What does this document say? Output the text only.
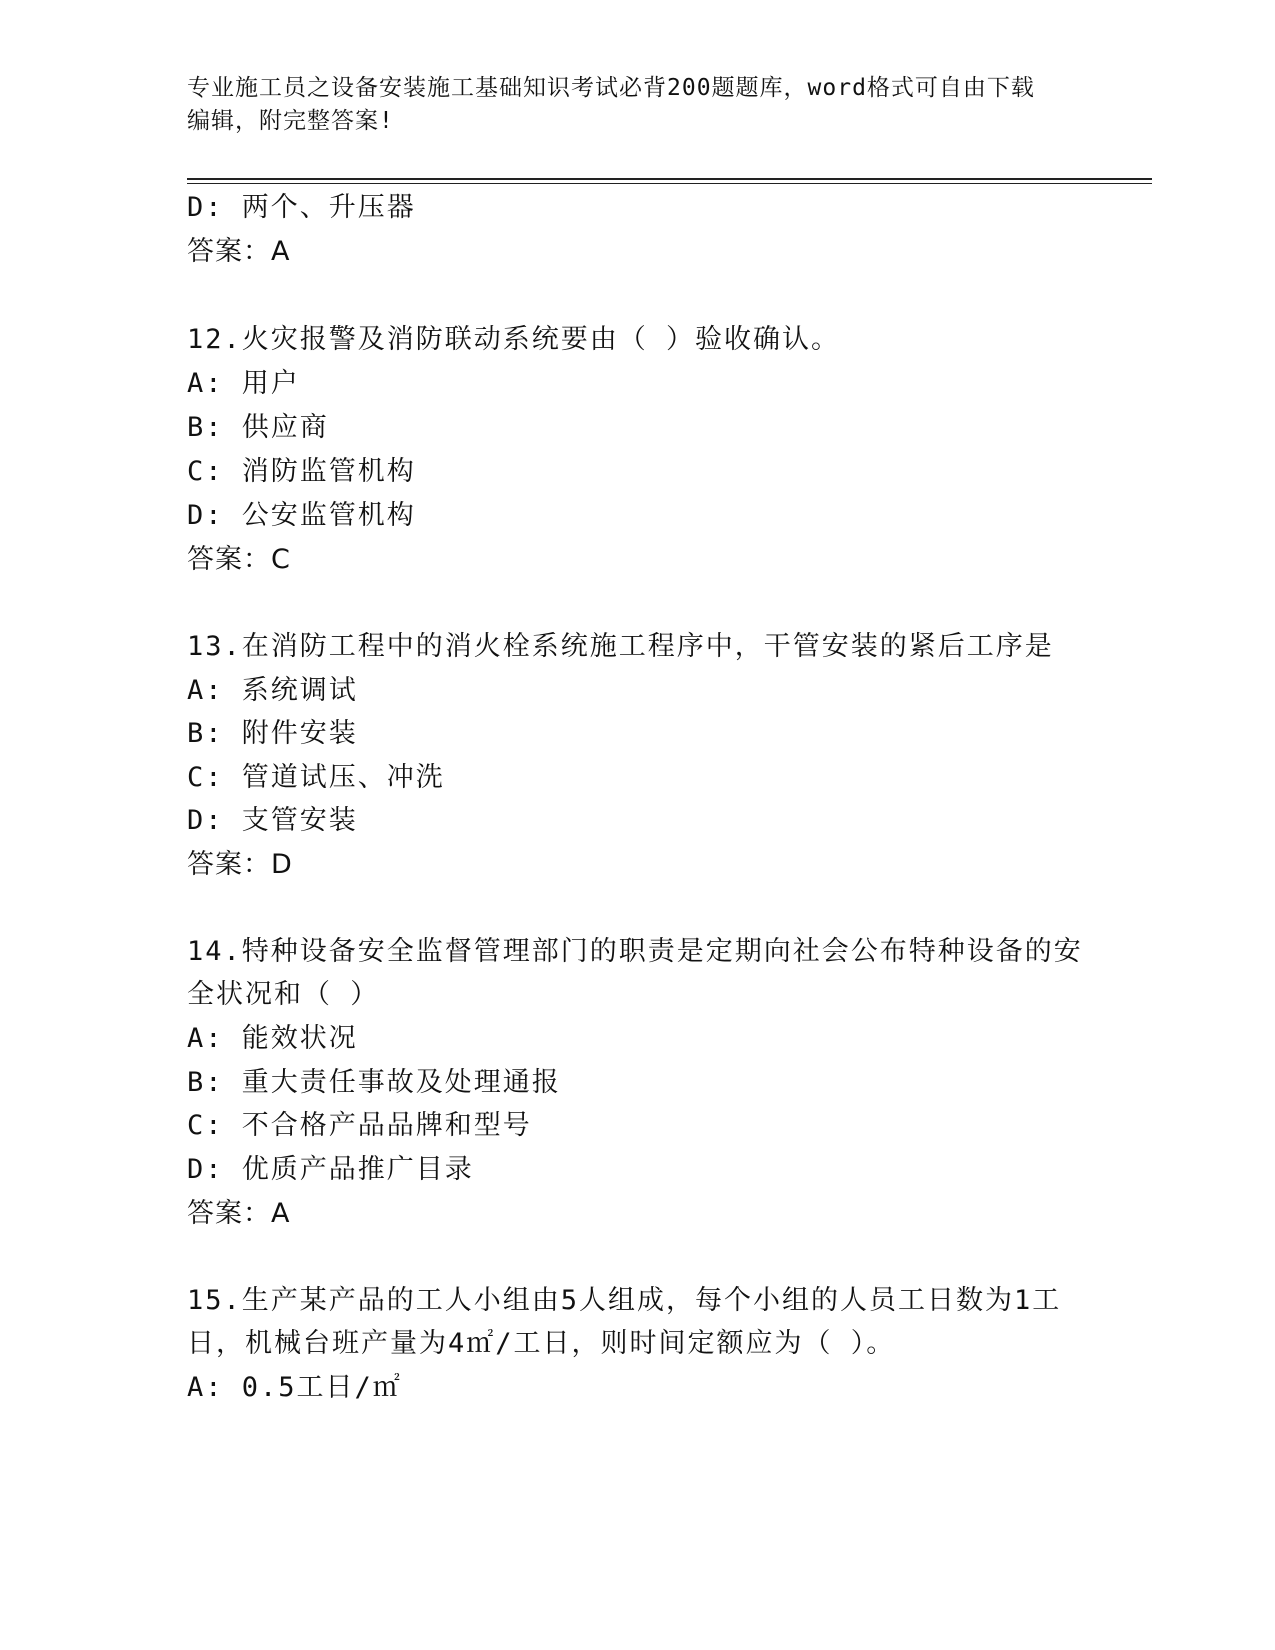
专业施工员之设备安装施工基础知识考试必背200题题库，word格式可自由下载
编辑，附完整答案!
D: 两个、升压器
答案：A
12.火灾报警及消防联动系统要由（ ）验收确认。
A: 用户
B: 供应商
C: 消防监管机构
D: 公安监管机构
答案：C
13.在消防工程中的消火栓系统施工程序中，干管安装的紧后工序是
A: 系统调试
B: 附件安装
C: 管道试压、冲洗
D: 支管安装
答案：D
14.特种设备安全监督管理部门的职责是定期向社会公布特种设备的安
全状况和（ ）
A: 能效状况
B: 重大责任事故及处理通报
C: 不合格产品品牌和型号
D: 优质产品推广目录
答案：A
15.生产某产品的工人小组由5人组成，每个小组的人员工日数为1工
日，机械台班产量为4㎡/工日，则时间定额应为（ ）。
A: 0.5工日/㎡
